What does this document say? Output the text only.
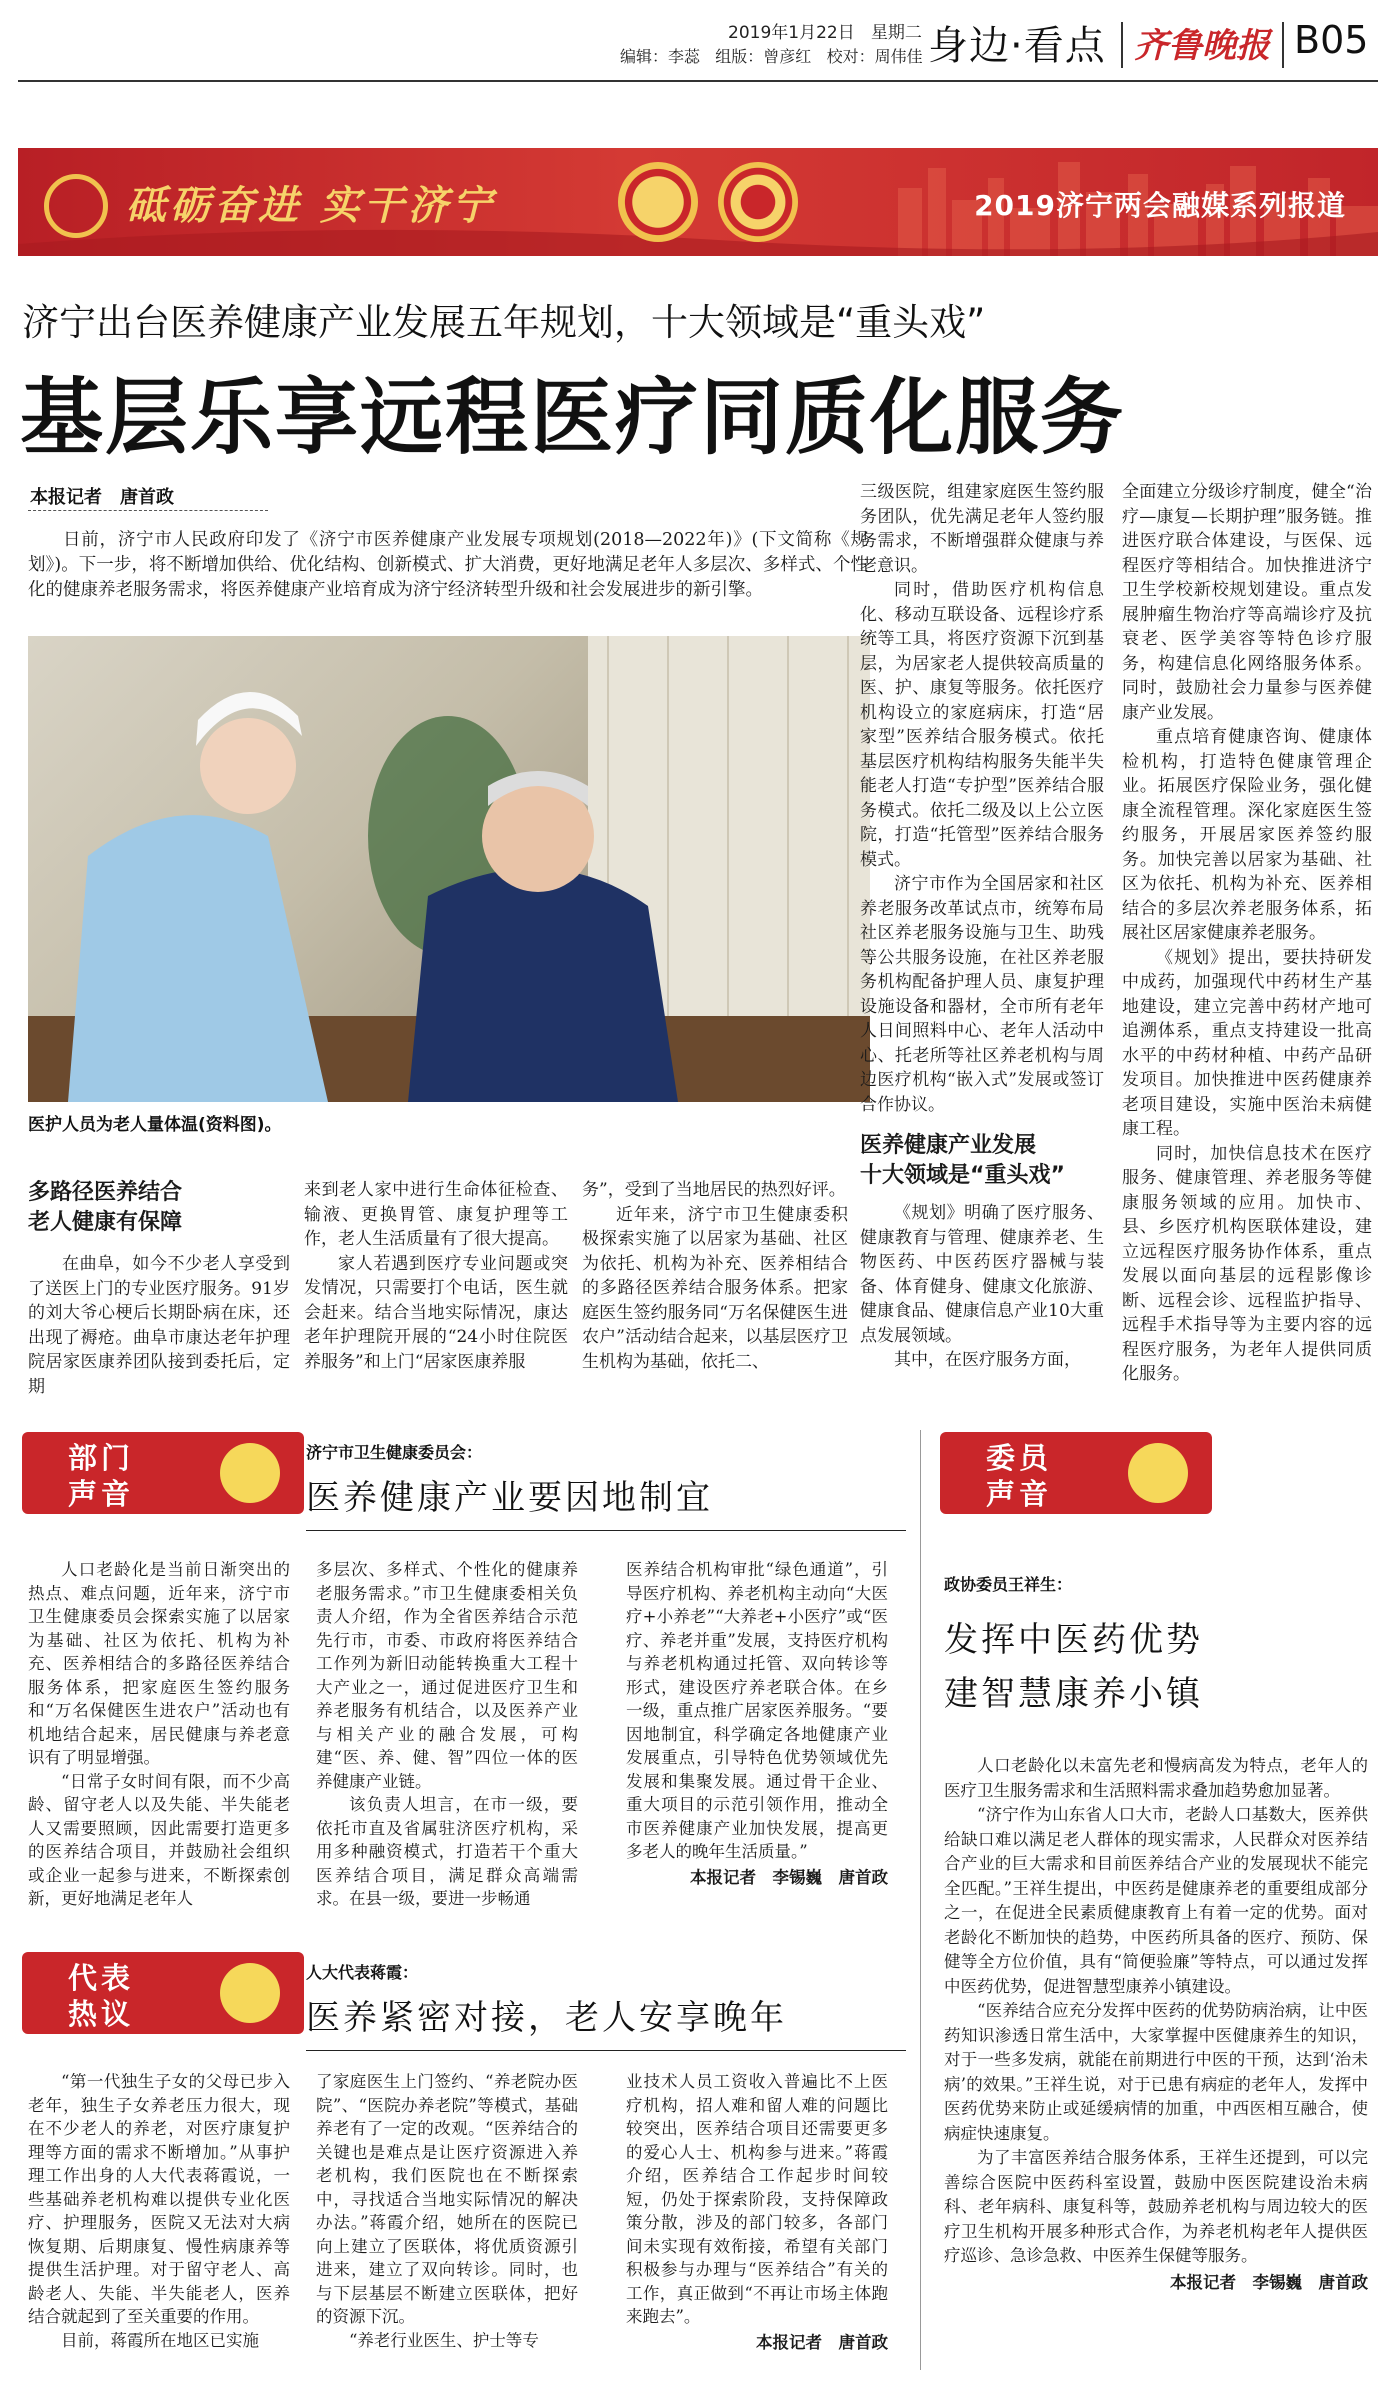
2019年1月22日 星期二
编辑：李蕊 组版：曾彦红 校对：周伟佳 身边·看点 齐鲁晚报 B05
砥砺奋进 实干济宁	2019济宁两会融媒系列报道
济宁出台医养健康产业发展五年规划，十大领域是“重头戏”
基层乐享远程医疗同质化服务
本报记者　唐首政

日前，济宁市人民政府印发了《济宁市医养健康产业发展专项规划(2018—2022年)》(下文简称《规划》)。下一步，将不断增加供给、优化结构、创新模式、扩大消费，更好地满足老年人多层次、多样式、个性化的健康养老服务需求，将医养健康产业培育成为济宁经济转型升级和社会发展进步的新引擎。

医护人员为老人量体温(资料图)。

多路径医养结合

老人健康有保障

在曲阜，如今不少老人享受到了送医上门的专业医疗服务。91岁的刘大爷心梗后长期卧病在床，还出现了褥疮。曲阜市康达老年护理院居家医康养团队接到委托后，定期

来到老人家中进行生命体征检查、输液、更换胃管、康复护理等工作，老人生活质量有了很大提高。

家人若遇到医疗专业问题或突发情况，只需要打个电话，医生就会赶来。结合当地实际情况，康达老年护理院开展的“24小时住院医养服务”和上门“居家医康养服

务”，受到了当地居民的热烈好评。

近年来，济宁市卫生健康委积极探索实施了以居家为基础、社区为依托、机构为补充、医养相结合的多路径医养结合服务体系。把家庭医生签约服务同“万名保健医生进农户”活动结合起来，以基层医疗卫生机构为基础，依托二、

三级医院，组建家庭医生签约服务团队，优先满足老年人签约服务需求，不断增强群众健康与养老意识。

同时，借助医疗机构信息化、移动互联设备、远程诊疗系统等工具，将医疗资源下沉到基层，为居家老人提供较高质量的医、护、康复等服务。依托医疗机构设立的家庭病床，打造“居家型”医养结合服务模式。依托基层医疗机构结构服务失能半失能老人打造“专护型”医养结合服务模式。依托二级及以上公立医院，打造“托管型”医养结合服务模式。

济宁市作为全国居家和社区养老服务改革试点市，统筹布局社区养老服务设施与卫生、助残等公共服务设施，在社区养老服务机构配备护理人员、康复护理设施设备和器材，全市所有老年人日间照料中心、老年人活动中心、托老所等社区养老机构与周边医疗机构“嵌入式”发展或签订合作协议。

医养健康产业发展

十大领域是“重头戏”

《规划》明确了医疗服务、健康教育与管理、健康养老、生物医药、中医药医疗器械与装备、体育健身、健康文化旅游、健康食品、健康信息产业10大重点发展领域。

其中，在医疗服务方面，

全面建立分级诊疗制度，健全“治疗—康复—长期护理”服务链。推进医疗联合体建设，与医保、远程医疗等相结合。加快推进济宁卫生学校新校规划建设。重点发展肿瘤生物治疗等高端诊疗及抗衰老、医学美容等特色诊疗服务，构建信息化网络服务体系。同时，鼓励社会力量参与医养健康产业发展。

重点培育健康咨询、健康体检机构，打造特色健康管理企业。拓展医疗保险业务，强化健康全流程管理。深化家庭医生签约服务，开展居家医养签约服务。加快完善以居家为基础、社区为依托、机构为补充、医养相结合的多层次养老服务体系，拓展社区居家健康养老服务。

《规划》提出，要扶持研发中成药，加强现代中药材生产基地建设，建立完善中药材产地可追溯体系，重点支持建设一批高水平的中药材种植、中药产品研发项目。加快推进中医药健康养老项目建设，实施中医治未病健康工程。

同时，加快信息技术在医疗服务、健康管理、养老服务等健康服务领域的应用。加快市、县、乡医疗机构医联体建设，建立远程医疗服务协作体系，重点发展以面向基层的远程影像诊断、远程会诊、远程监护指导、远程手术指导等为主要内容的远程医疗服务，为老年人提供同质化服务。

部门
声音
济宁市卫生健康委员会：
医养健康产业要因地制宜

人口老龄化是当前日渐突出的热点、难点问题，近年来，济宁市卫生健康委员会探索实施了以居家为基础、社区为依托、机构为补充、医养相结合的多路径医养结合服务体系，把家庭医生签约服务和“万名保健医生进农户”活动也有机地结合起来，居民健康与养老意识有了明显增强。

“日常子女时间有限，而不少高龄、留守老人以及失能、半失能老人又需要照顾，因此需要打造更多的医养结合项目，并鼓励社会组织或企业一起参与进来，不断探索创新，更好地满足老年人

多层次、多样式、个性化的健康养老服务需求。”市卫生健康委相关负责人介绍，作为全省医养结合示范先行市，市委、市政府将医养结合工作列为新旧动能转换重大工程十大产业之一，通过促进医疗卫生和养老服务有机结合，以及医养产业与相关产业的融合发展，可构建“医、养、健、智”四位一体的医养健康产业链。

该负责人坦言，在市一级，要依托市直及省属驻济医疗机构，采用多种融资模式，打造若干个重大医养结合项目，满足群众高端需求。在县一级，要进一步畅通

医养结合机构审批“绿色通道”，引导医疗机构、养老机构主动向“大医疗+小养老”“大养老+小医疗”或“医疗、养老并重”发展，支持医疗机构与养老机构通过托管、双向转诊等形式，建设医疗养老联合体。在乡一级，重点推广居家医养服务。“要因地制宜，科学确定各地健康产业发展重点，引导特色优势领域优先发展和集聚发展。通过骨干企业、重大项目的示范引领作用，推动全市医养健康产业加快发展，提高更多老人的晚年生活质量。”

本报记者　李锡巍　唐首政

代表
热议
人大代表蒋霞：
医养紧密对接，老人安享晚年

“第一代独生子女的父母已步入老年，独生子女养老压力很大，现在不少老人的养老，对医疗康复护理等方面的需求不断增加。”从事护理工作出身的人大代表蒋霞说，一些基础养老机构难以提供专业化医疗、护理服务，医院又无法对大病恢复期、后期康复、慢性病康养等提供生活护理。对于留守老人、高龄老人、失能、半失能老人，医养结合就起到了至关重要的作用。

目前，蒋霞所在地区已实施

了家庭医生上门签约、“养老院办医院”、“医院办养老院”等模式，基础养老有了一定的改观。“医养结合的关键也是难点是让医疗资源进入养老机构，我们医院也在不断探索中，寻找适合当地实际情况的解决办法。”蒋霞介绍，她所在的医院已向上建立了医联体，将优质资源引进来，建立了双向转诊。同时，也与下层基层不断建立医联体，把好的资源下沉。

“养老行业医生、护士等专

业技术人员工资收入普遍比不上医疗机构，招人难和留人难的问题比较突出，医养结合项目还需要更多的爱心人士、机构参与进来。”蒋霞介绍，医养结合工作起步时间较短，仍处于探索阶段，支持保障政策分散，涉及的部门较多，各部门间未实现有效衔接，希望有关部门积极参与办理与“医养结合”有关的工作，真正做到“不再让市场主体跑来跑去”。

本报记者　唐首政

委员
声音
政协委员王祥生：
发挥中医药优势
建智慧康养小镇

人口老龄化以未富先老和慢病高发为特点，老年人的医疗卫生服务需求和生活照料需求叠加趋势愈加显著。

“济宁作为山东省人口大市，老龄人口基数大，医养供给缺口难以满足老人群体的现实需求，人民群众对医养结合产业的巨大需求和目前医养结合产业的发展现状不能完全匹配。”王祥生提出，中医药是健康养老的重要组成部分之一，在促进全民素质健康教育上有着一定的优势。面对老龄化不断加快的趋势，中医药所具备的医疗、预防、保健等全方位价值，具有“简便验廉”等特点，可以通过发挥中医药优势，促进智慧型康养小镇建设。

“医养结合应充分发挥中医药的优势防病治病，让中医药知识渗透日常生活中，大家掌握中医健康养生的知识，对于一些多发病，就能在前期进行中医的干预，达到‘治未病’的效果。”王祥生说，对于已患有病症的老年人，发挥中医药优势来防止或延缓病情的加重，中西医相互融合，使病症快速康复。

为了丰富医养结合服务体系，王祥生还提到，可以完善综合医院中医药科室设置，鼓励中医医院建设治未病科、老年病科、康复科等，鼓励养老机构与周边较大的医疗卫生机构开展多种形式合作，为养老机构老年人提供医疗巡诊、急诊急救、中医养生保健等服务。

本报记者　李锡巍　唐首政
